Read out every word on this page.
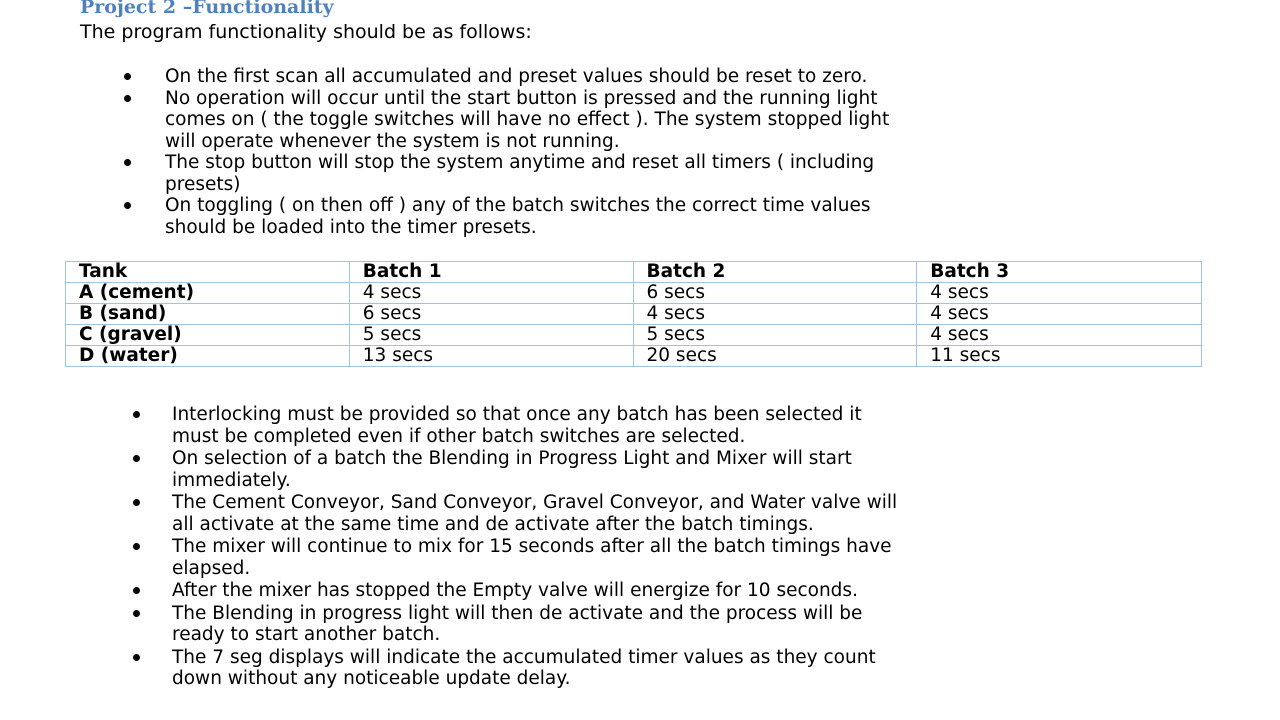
Project 2 –Functionality
The program functionality should be as follows:
On the first scan all accumulated and preset values should be reset to zero.
No operation will occur until the start button is pressed and the running light
comes on ( the toggle switches will have no effect ). The system stopped light
will operate whenever the system is not running.
The stop button will stop the system anytime and reset all timers ( including
presets)
On toggling ( on then off ) any of the batch switches the correct time values
should be loaded into the timer presets.
Tank	Batch 1	Batch 2	Batch 3
A (cement)	4 secs	6 secs	4 secs
B (sand)	6 secs	4 secs	4 secs
C (gravel)	5 secs	5 secs	4 secs
D (water)	13 secs	20 secs	11 secs
Interlocking must be provided so that once any batch has been selected it
must be completed even if other batch switches are selected.
On selection of a batch the Blending in Progress Light and Mixer will start
immediately.
The Cement Conveyor, Sand Conveyor, Gravel Conveyor, and Water valve will
all activate at the same time and de activate after the batch timings.
The mixer will continue to mix for 15 seconds after all the batch timings have
elapsed.
After the mixer has stopped the Empty valve will energize for 10 seconds.
The Blending in progress light will then de activate and the process will be
ready to start another batch.
The 7 seg displays will indicate the accumulated timer values as they count
down without any noticeable update delay.
